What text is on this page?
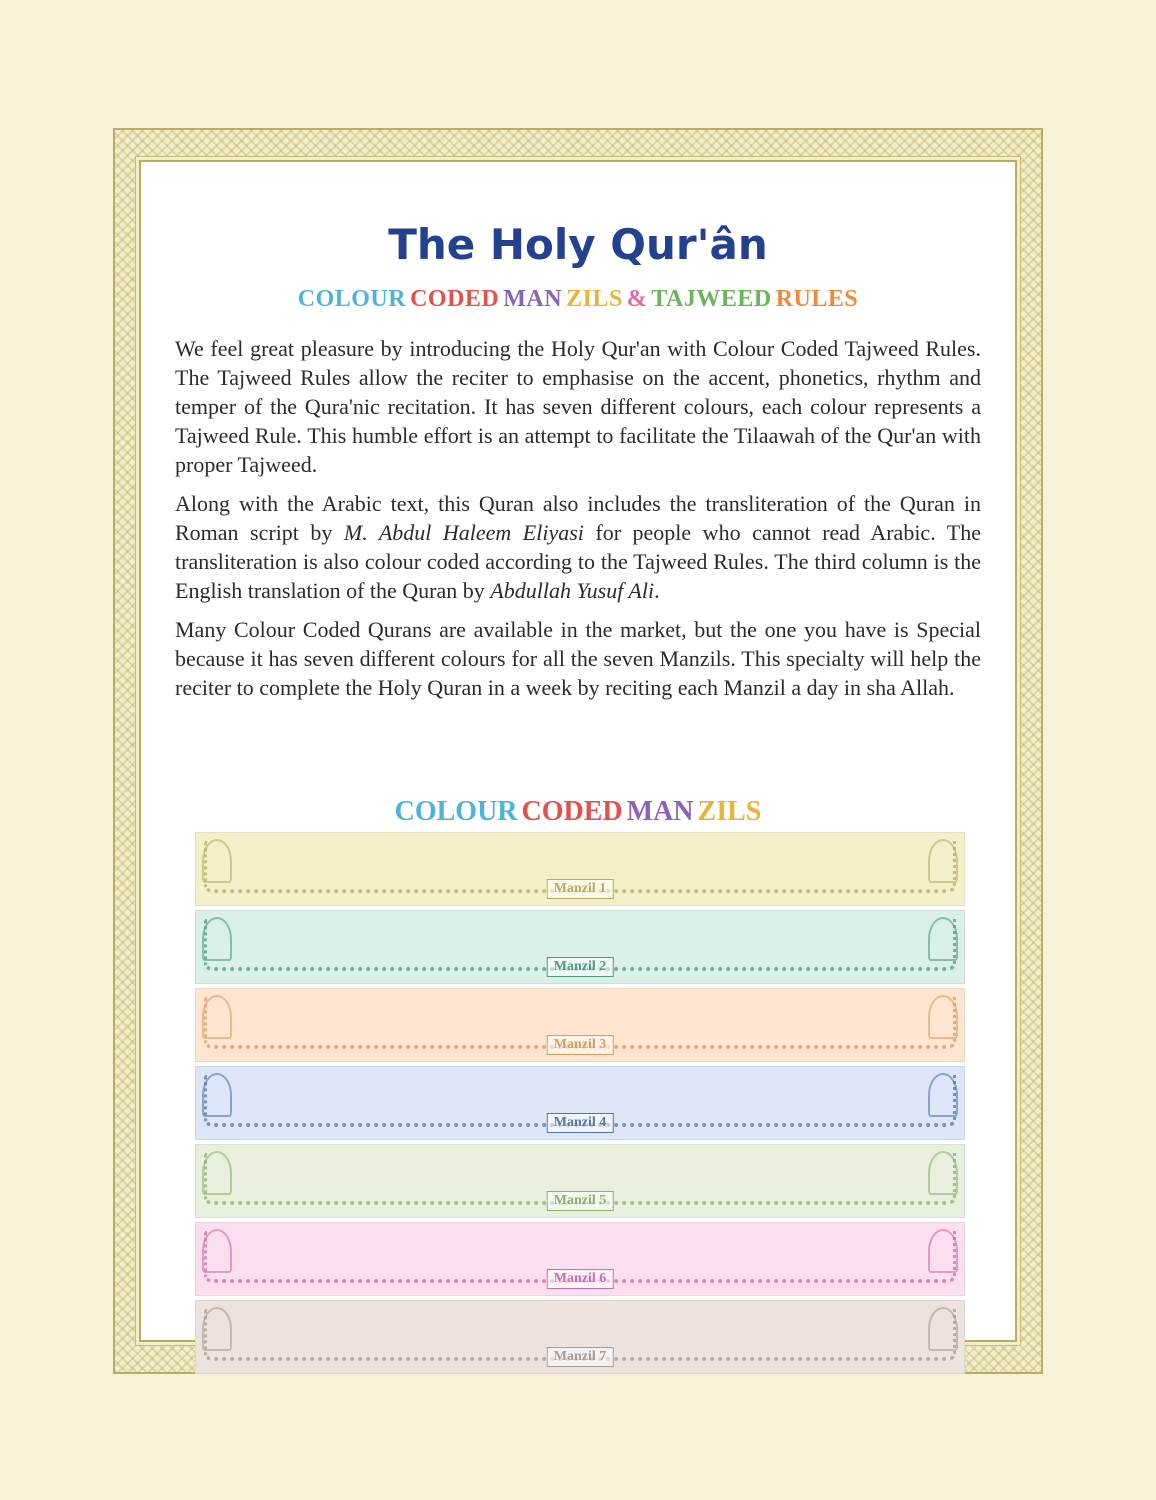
The Holy Qur'ân
COLOUR CODED MAN ZILS & TAJWEED RULES

We feel great pleasure by introducing the Holy Qur'an with Colour Coded Tajweed Rules. The Tajweed Rules allow the reciter to emphasise on the accent, phonetics, rhythm and temper of the Qura'nic recitation. It has seven different colours, each colour represents a Tajweed Rule. This humble effort is an attempt to facilitate the Tilaawah of the Qur'an with proper Tajweed.

Along with the Arabic text, this Quran also includes the transliteration of the Quran in Roman script by M. Abdul Haleem Eliyasi for people who cannot read Arabic. The transliteration is also colour coded according to the Tajweed Rules. The third column is the English translation of the Quran by Abdullah Yusuf Ali.

Many Colour Coded Qurans are available in the market, but the one you have is Special because it has seven different colours for all the seven Manzils. This specialty will help the reciter to complete the Holy Quran in a week by reciting each Manzil a day in sha Allah.

COLOUR CODED MAN ZILS
Manzil 1
Manzil 2
Manzil 3
Manzil 4
Manzil 5
Manzil 6
Manzil 7
